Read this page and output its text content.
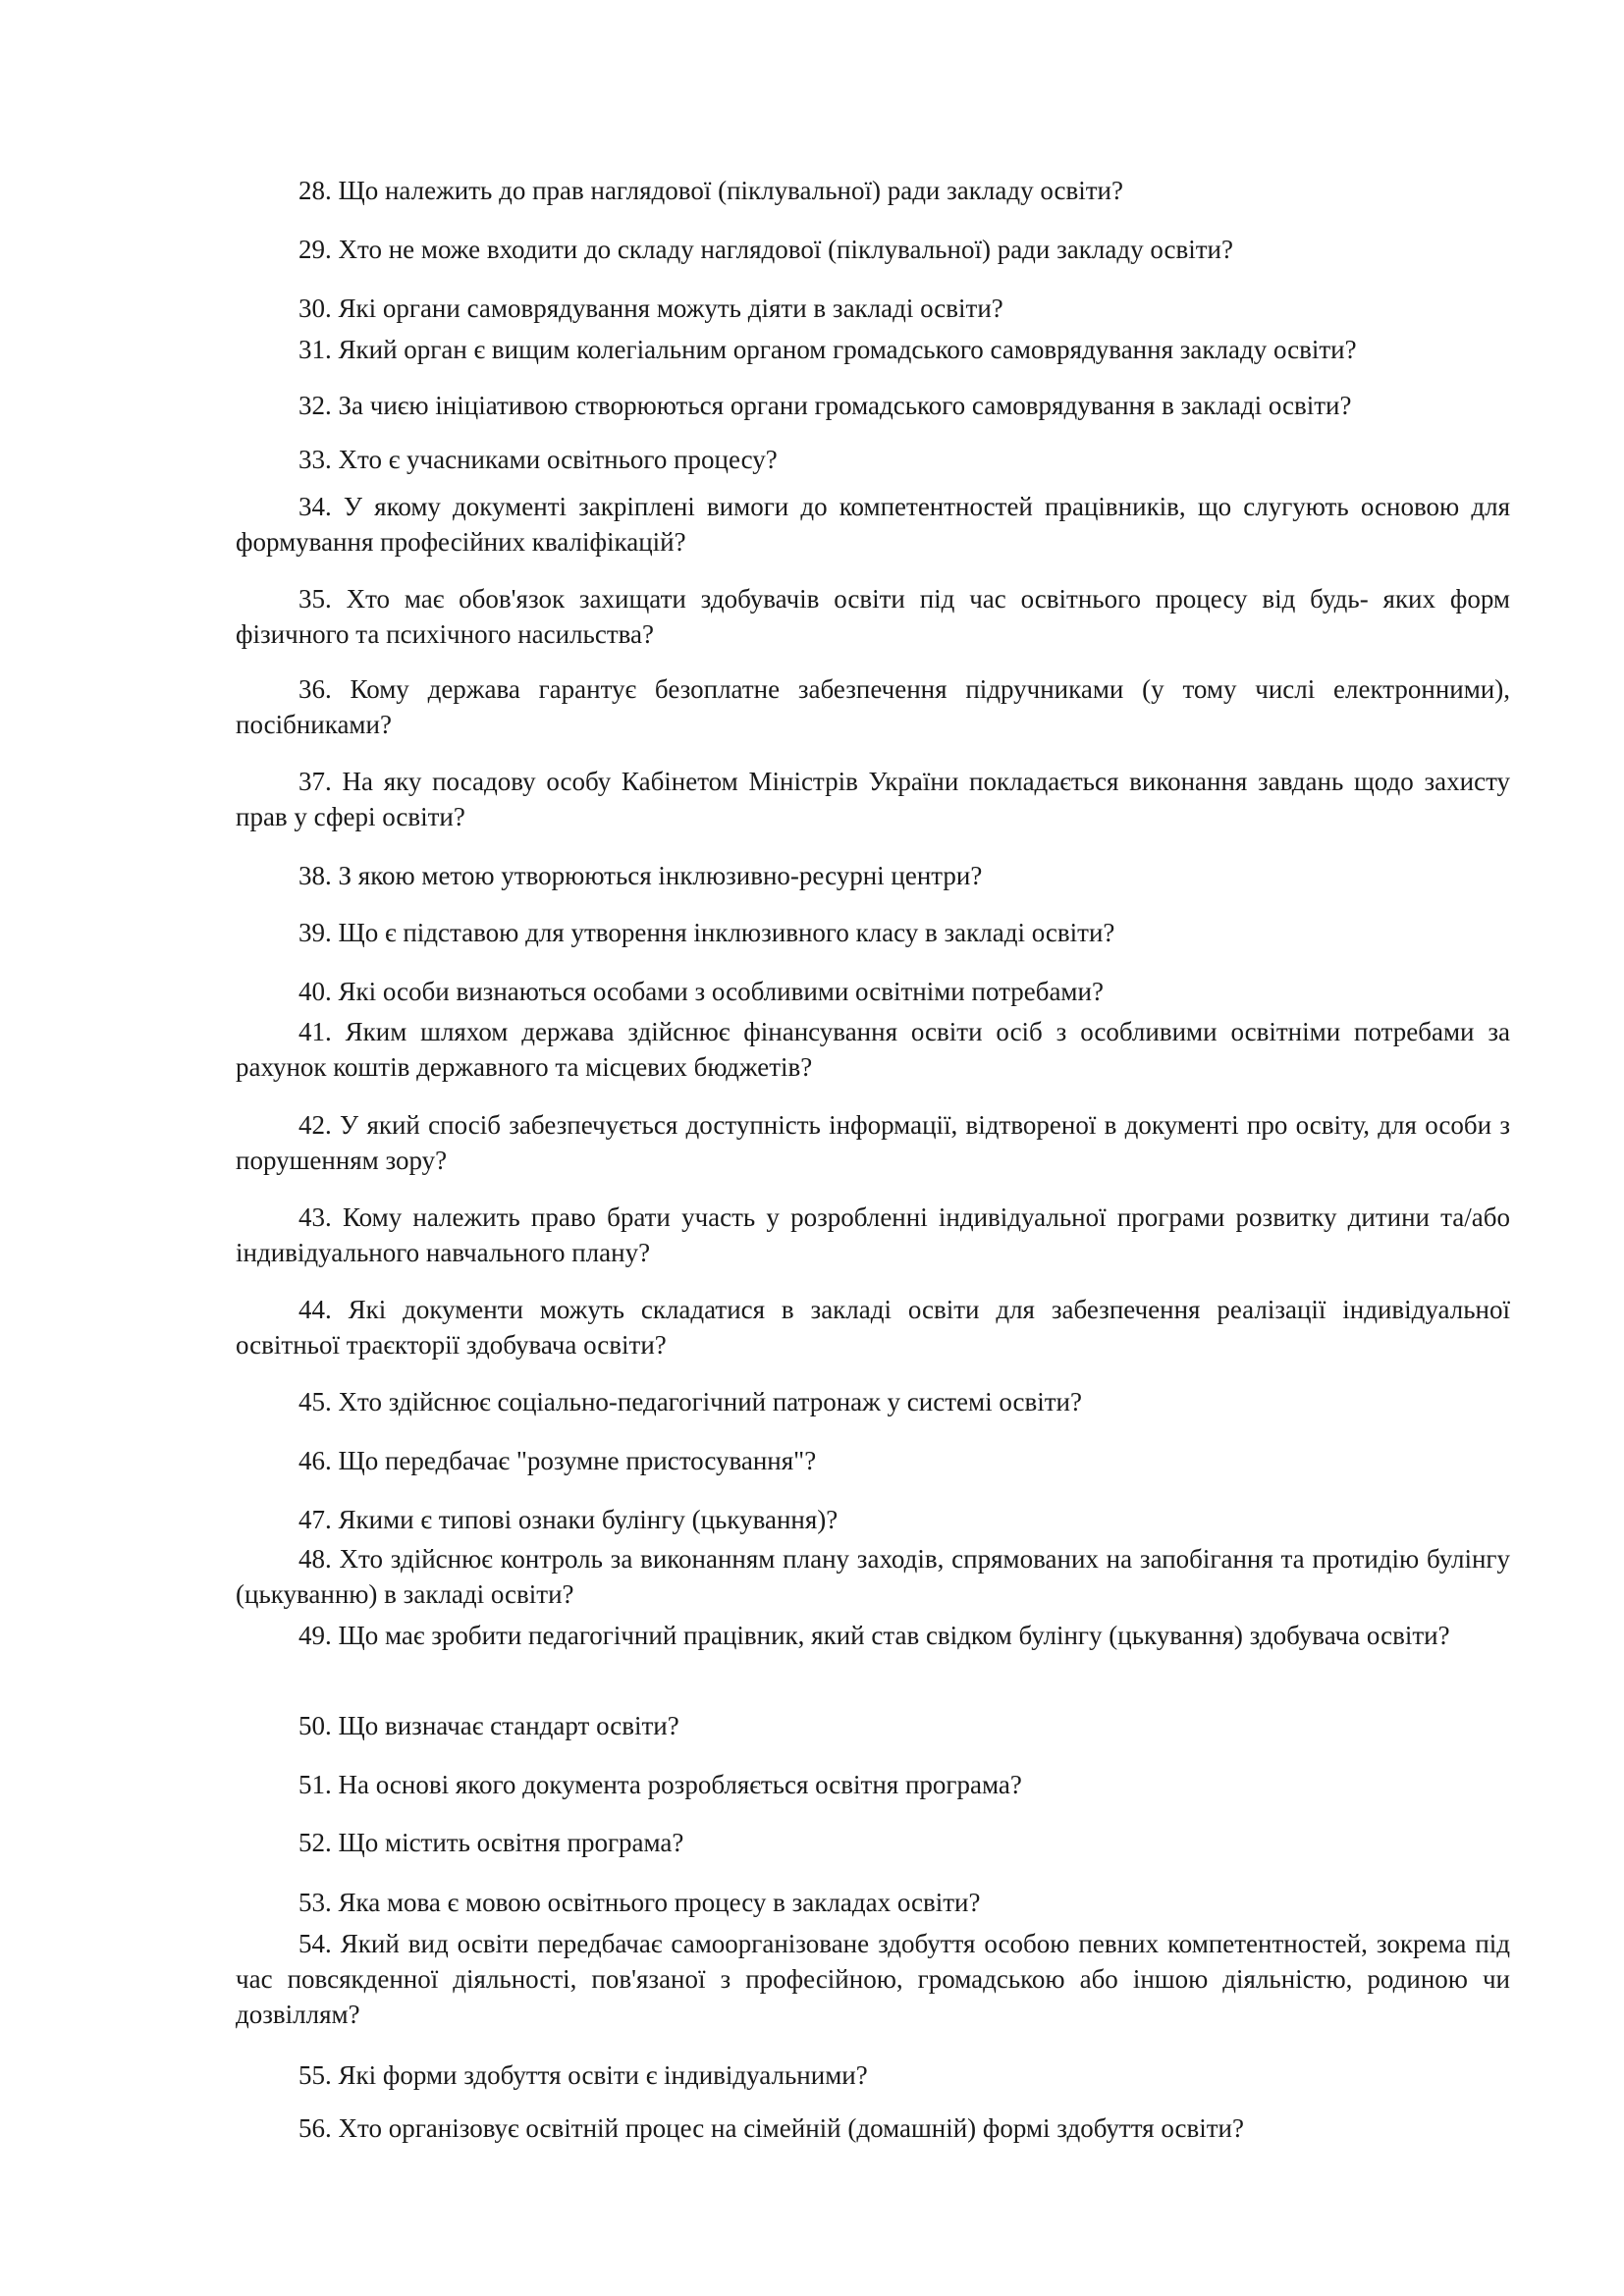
28. Що належить до прав наглядової (піклувальної) ради закладу освіти?

29. Хто не може входити до складу наглядової (піклувальної) ради закладу освіти?

30. Які органи самоврядування можуть діяти в закладі освіти?

31. Який орган є вищим колегіальним органом громадського самоврядування закладу освіти?

32. За чиєю ініціативою створюються органи громадського самоврядування в закладі освіти?

33. Хто є учасниками освітнього процесу?

34. У якому документі закріплені вимоги до компетентностей працівників, що слугують основою для формування професійних кваліфікацій?

35. Хто має обов'язок захищати здобувачів освіти під час освітнього процесу від будь- яких форм фізичного та психічного насильства?

36. Кому держава гарантує безоплатне забезпечення підручниками (у тому числі електронними), посібниками?

37. На яку посадову особу Кабінетом Міністрів України покладається виконання завдань щодо захисту прав у сфері освіти?

38. З якою метою утворюються інклюзивно-ресурні центри?

39. Що є підставою для утворення інклюзивного класу в закладі освіти?

40. Які особи визнаються особами з особливими освітніми потребами?

41. Яким шляхом держава здійснює фінансування освіти осіб з особливими освітніми потребами за рахунок коштів державного та місцевих бюджетів?

42. У який спосіб забезпечується доступність інформації, відтвореної в документі про освіту, для особи з порушенням зору?

43. Кому належить право брати участь у розробленні індивідуальної програми розвитку дитини та/або індивідуального навчального плану?

44. Які документи можуть складатися в закладі освіти для забезпечення реалізації індивідуальної освітньої траєкторії здобувача освіти?

45. Хто здійснює соціально-педагогічний патронаж у системі освіти?

46. Що передбачає "розумне пристосування"?

47. Якими є типові ознаки булінгу (цькування)?

48. Хто здійснює контроль за виконанням плану заходів, спрямованих на запобігання та протидію булінгу (цькуванню) в закладі освіти?

49. Що має зробити педагогічний працівник, який став свідком булінгу (цькування) здобувача освіти?

50. Що визначає стандарт освіти?

51. На основі якого документа розробляється освітня програма?

52. Що містить освітня програма?

53. Яка мова є мовою освітнього процесу в закладах освіти?

54. Який вид освіти передбачає самоорганізоване здобуття особою певних компетентностей, зокрема під час повсякденної діяльності, пов'язаної з професійною, громадською або іншою діяльністю, родиною чи дозвіллям?

55. Які форми здобуття освіти є індивідуальними?

56. Хто організовує освітній процес на сімейній (домашній) формі здобуття освіти?
